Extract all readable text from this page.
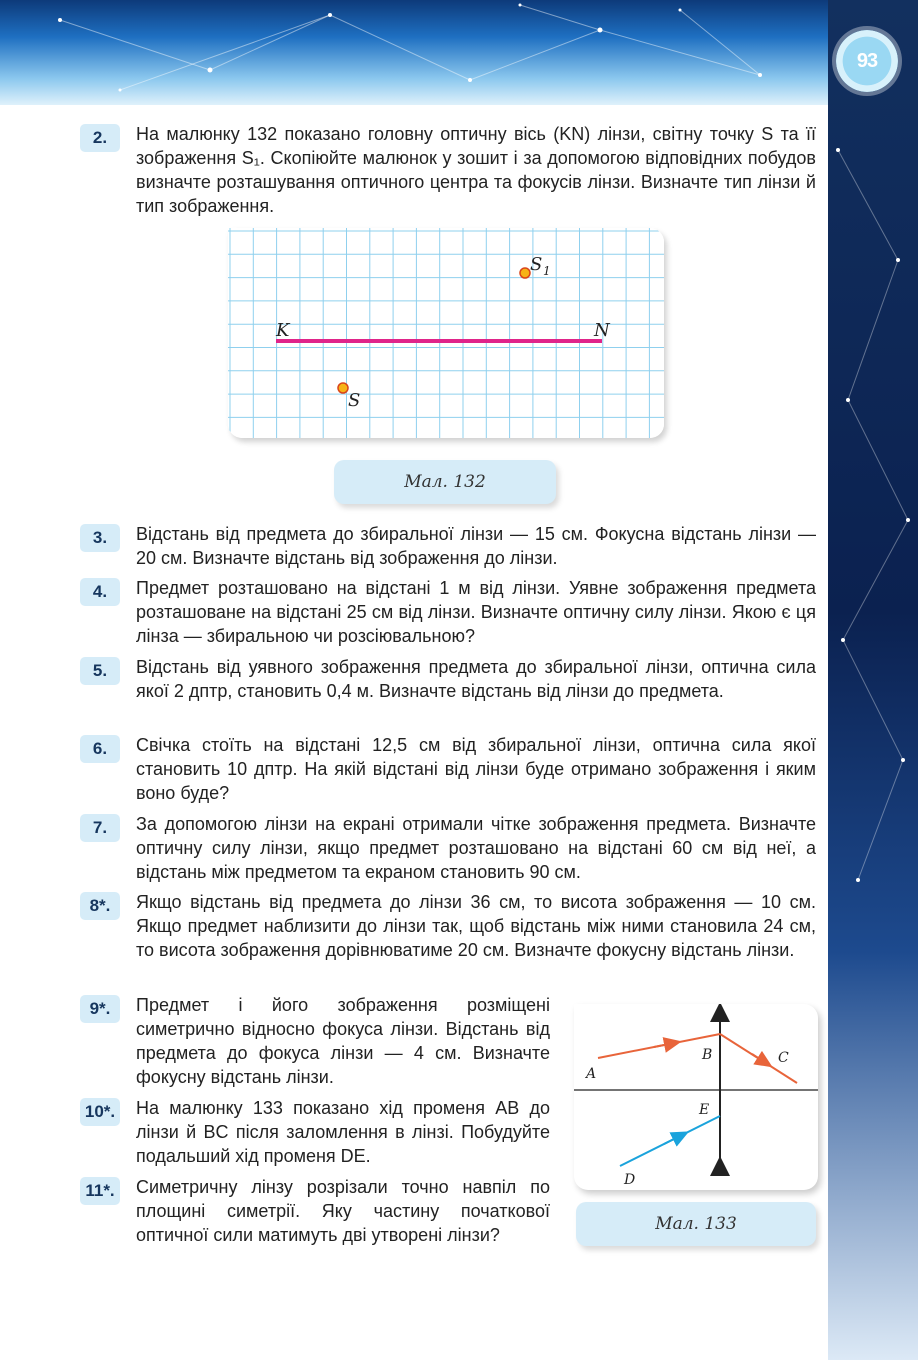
93
2.	На малюнку 132 показано головну оптичну вісь (KN) лінзи, світну точку S та її зображення S₁. Скопіюйте малюнок у зошит і за допомогою відповідних побудов визначте розташування оптичного центра та фокусів лінзи. Визначте тип лінзи й тип зображення.

K	N
S
S 1
Мал. 132
3.	Відстань від предмета до збиральної лінзи — 15 см. Фокусна відстань лінзи — 20 см. Визначте відстань від зображення до лінзи.

4.	Предмет розташовано на відстані 1 м від лінзи. Уявне зображення предмета розташоване на відстані 25 см від лінзи. Визначте оптичну силу лінзи. Якою є ця лінза — збиральною чи розсіювальною?

5.	Відстань від уявного зображення предмета до збиральної лінзи, оптична сила якої 2 дптр, становить 0,4 м. Визначте відстань від лінзи до предмета.

6.	Свічка стоїть на відстані 12,5 см від збиральної лінзи, оптична сила якої становить 10 дптр. На якій відстані від лінзи буде отримано зображення і яким воно буде?

7.	За допомогою лінзи на екрані отримали чітке зображення предмета. Визначте оптичну силу лінзи, якщо предмет розташовано на відстані 60 см від неї, а відстань між предметом та екраном становить 90 см.

8*.	Якщо відстань від предмета до лінзи 36 см, то висота зображення — 10 см. Якщо предмет наблизити до лінзи так, щоб відстань між ними становила 24 см, то висота зображення дорівнюватиме 20 см. Визначте фокусну відстань лінзи.

9*.	Предмет і його зображення розміщені симетрично відносно фокуса лінзи. Відстань від предмета до фокуса лінзи — 4 см. Визначте фокусну відстань лінзи.

10*. На малюнку 133 показано хід променя AB до лінзи й BC після заломлення в лінзі. Побудуйте подальший хід променя DE.

11*. Симетричну лінзу розрізали точно навпіл по площині симетрії. Яку частину початкової оптичної сили матимуть дві утворені лінзи?

A
B	C
E
D
Мал. 133
